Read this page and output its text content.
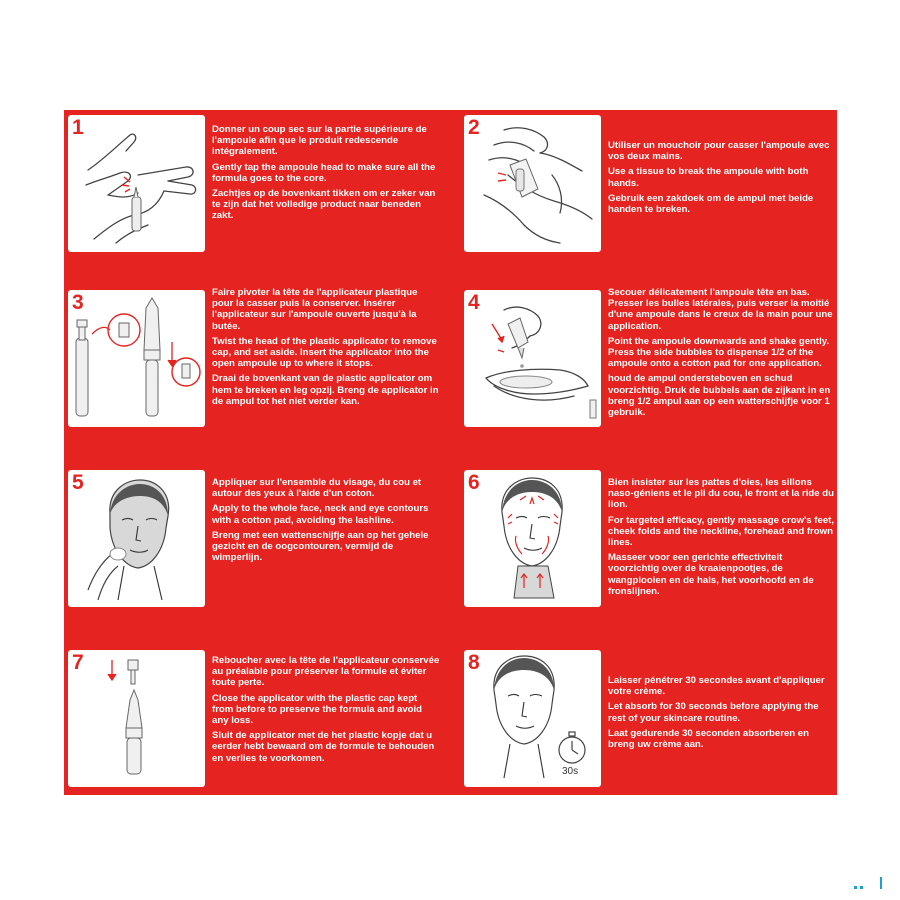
1	Donner un coup sec sur la partie supérieure de l'ampoule afin que le produit redescende intégralement.

Gently tap the ampoule head to make sure all the formula goes to the core.

Zachtjes op de bovenkant tikken om er zeker van te zijn dat het volledige product naar beneden zakt.

2

Utiliser un mouchoir pour casser l'ampoule avec vos deux mains.

Use a tissue to break the ampoule with both hands.

Gebruik een zakdoek om de ampul met beide handen te breken.

3	Faire pivoter la tête de l'applicateur plastique pour la casser puis la conserver. Insérer l'applicateur sur l'ampoule ouverte jusqu'à la butée.

Twist the head of the plastic applicator to remove cap, and set aside. Insert the applicator into the open ampoule up to where it stops.

Draai de bovenkant van de plastic applicator om hem te breken en leg opzij. Breng de applicator in de ampul tot het niet verder kan.

4	Secouer délicatement l'ampoule tête en bas. Presser les bulles latérales, puis verser la moitié d'une ampoule dans le creux de la main pour une application.

Point the ampoule downwards and shake gently. Press the side bubbles to dispense 1/2 of the ampoule onto a cotton pad for one application.

houd de ampul ondersteboven en schud voorzichtig. Druk de bubbels aan de zijkant in en breng 1/2 ampul aan op een watterschijfje voor 1 gebruik.

5	Appliquer sur l'ensemble du visage, du cou et autour des yeux à l'aide d'un coton.

Apply to the whole face, neck and eye contours with a cotton pad, avoiding the lashline.

Breng met een wattenschijfje aan op het gehele gezicht en de oogcontouren, vermijd de wimperlijn.

6	Bien insister sur les pattes d'oies, les sillons naso-géniens et le pli du cou, le front et la ride du lion.

For targeted efficacy, gently massage crow's feet, cheek folds and the neckline, forehead and frown lines.

Masseer voor een gerichte effectiviteit voorzichtig over de kraaienpootjes, de wangplooien en de hals, het voorhoofd en de fronslijnen.

7	Reboucher avec la tête de l'applicateur conservée au préalable pour préserver la formule et éviter toute perte.

Close the applicator with the plastic cap kept from before to preserve the formula and avoid any loss.

Sluit de applicator met de het plastic kopje dat u eerder hebt bewaard om de formule te behouden en verlies te voorkomen.

8
30s

Laisser pénétrer 30 secondes avant d'appliquer votre crème.

Let absorb for 30 seconds before applying the rest of your skincare routine.

Laat gedurende 30 seconden absorberen en breng uw crème aan.
